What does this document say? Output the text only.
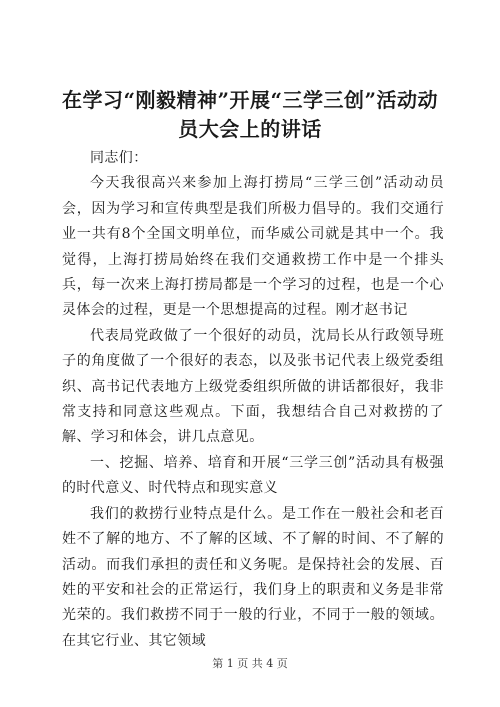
在学习“刚毅精神”开展“三学三创”活动动员大会上的讲话

同志们：

今天我很高兴来参加上海打捞局“三学三创”活动动员会，因为学习和宣传典型是我们所极力倡导的。我们交通行业一共有8个全国文明单位，而华威公司就是其中一个。我觉得，上海打捞局始终在我们交通救捞工作中是一个排头兵，每一次来上海打捞局都是一个学习的过程，也是一个心灵体会的过程，更是一个思想提高的过程。刚才赵书记

代表局党政做了一个很好的动员，沈局长从行政领导班子的角度做了一个很好的表态，以及张书记代表上级党委组织、高书记代表地方上级党委组织所做的讲话都很好，我非常支持和同意这些观点。下面，我想结合自己对救捞的了解、学习和体会，讲几点意见。

一、挖掘、培养、培育和开展“三学三创”活动具有极强的时代意义、时代特点和现实意义

我们的救捞行业特点是什么。是工作在一般社会和老百姓不了解的地方、不了解的区域、不了解的时间、不了解的活动。而我们承担的责任和义务呢。是保持社会的发展、百姓的平安和社会的正常运行，我们身上的职责和义务是非常光荣的。我们救捞不同于一般的行业，不同于一般的领域。在其它行业、其它领域

第 1 页 共 4 页
